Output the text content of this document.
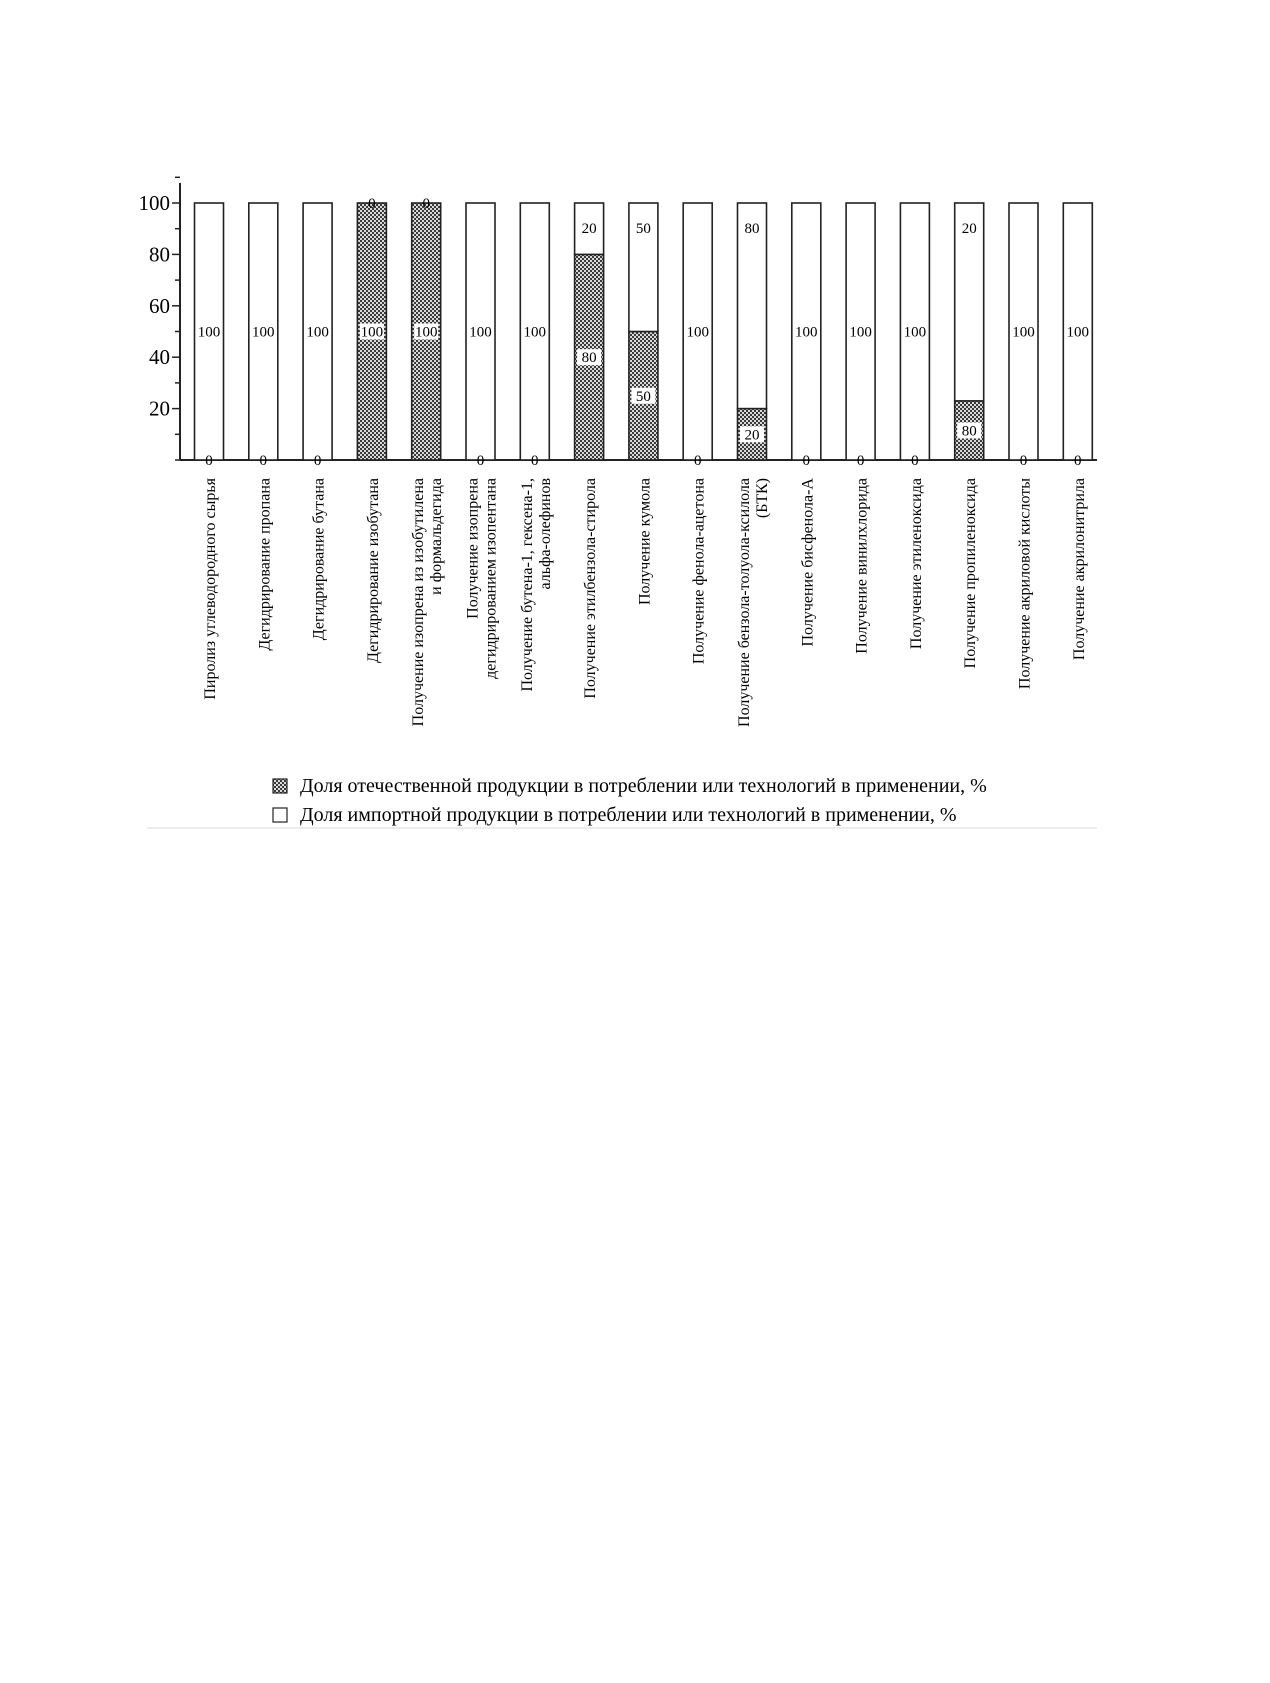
20
40
60
80
100
0
100
Пиролиз углеводородного сырья
0
100
Дегидрирование пропана
0
100
Дегидрирование бутана
100
0
Дегидрирование изобутана
100
0
Получение изопрена из изобутилена и формальдегида
0
100
Получение изопрена дегидрированием изопентана
0
100
Получение бутена-1, гексена-1, альфа-олефинов
80
20
Получение этилбензола-стирола
50
50
Получение кумола
0
100
Получение фенола-ацетона
20
80
Получение бензола-толуола-ксилола (БТК)
0
100
Получение бисфенола-А
0
100
Получение винилхлорида
0
100
Получение этиленоксида
80
20
Получение пропиленоксида
0
100
Получение акриловой кислоты
0
100
Получение акрилонитрила
Доля отечественной продукции в потреблении или технологий в применении, %
Доля импортной продукции в потреблении или технологий в применении, %
